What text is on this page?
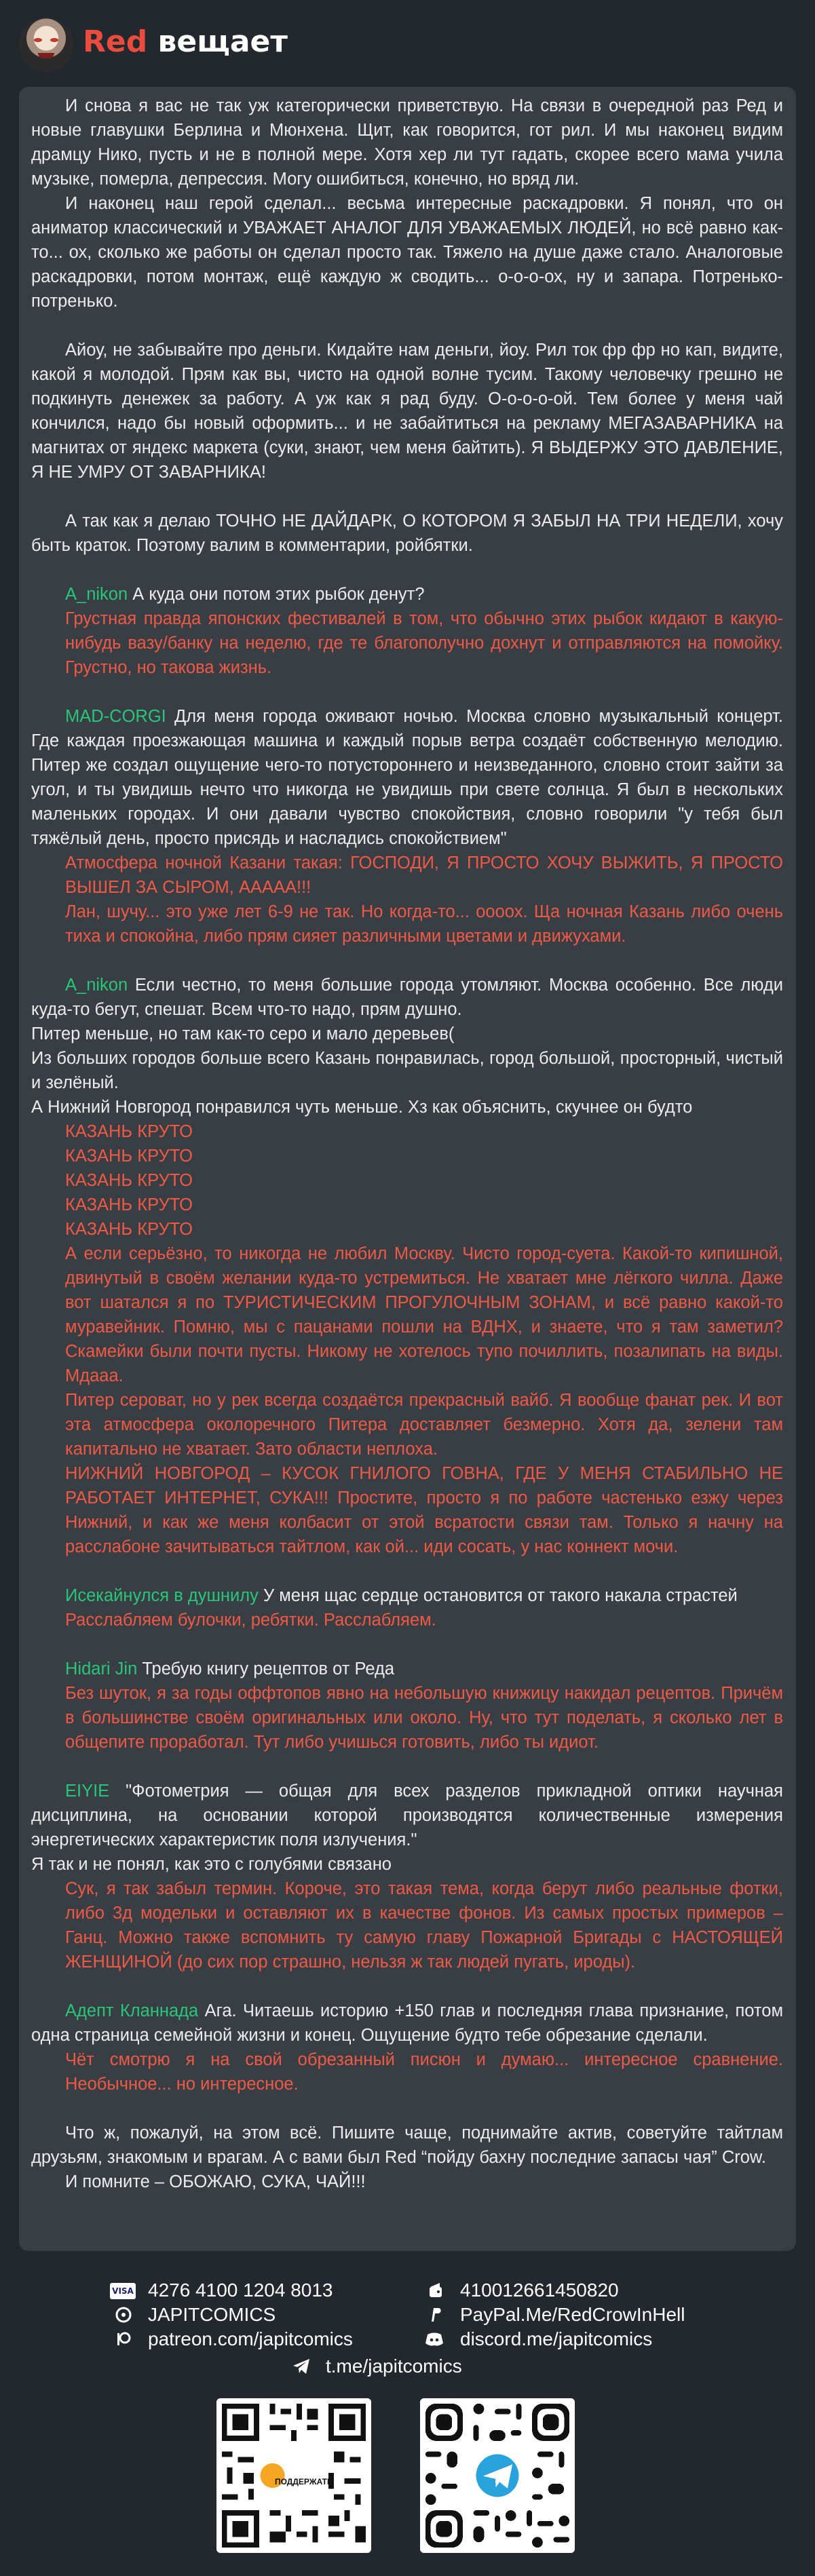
Red вещает
И снова я вас не так уж категорически приветствую. На связи в очередной раз Ред и новые главушки Берлина и Мюнхена. Щит, как говорится, гот рил. И мы наконец видим драмцу Нико, пусть и не в полной мере. Хотя хер ли тут гадать, скорее всего мама учила музыке, померла, депрессия. Могу ошибиться, конечно, но вряд ли.
И наконец наш герой сделал... весьма интересные раскадровки. Я понял, что он аниматор классический и УВАЖАЕТ АНАЛОГ ДЛЯ УВАЖАЕМЫХ ЛЮДЕЙ, но всё равно как-то... ох, сколько же работы он сделал просто так. Тяжело на душе даже стало. Аналоговые раскадровки, потом монтаж, ещё каждую ж сводить... о-о-о-ох, ну и запара. Потренько-потренько.
Айоу, не забывайте про деньги. Кидайте нам деньги, йоу. Рил ток фр фр но кап, видите, какой я молодой. Прям как вы, чисто на одной волне тусим. Такому человечку грешно не подкинуть денежек за работу. А уж как я рад буду. О-о-о-о-ой. Тем более у меня чай кончился, надо бы новый оформить... и не забайтиться на рекламу МЕГАЗАВАРНИКА на магнитах от яндекс маркета (суки, знают, чем меня байтить). Я ВЫДЕРЖУ ЭТО ДАВЛЕНИЕ, Я НЕ УМРУ ОТ ЗАВАРНИКА!
А так как я делаю ТОЧНО НЕ ДАЙДАРК, О КОТОРОМ Я ЗАБЫЛ НА ТРИ НЕДЕЛИ, хочу быть краток. Поэтому валим в комментарии, ройбятки.
A_nikon А куда они потом этих рыбок денут?
Грустная правда японских фестивалей в том, что обычно этих рыбок кидают в какую-нибудь вазу/банку на неделю, где те благополучно дохнут и отправляются на помойку. Грустно, но такова жизнь.
MAD-CORGI Для меня города оживают ночью. Москва словно музыкальный концерт. Где каждая проезжающая машина и каждый порыв ветра создаёт собственную мелодию. Питер же создал ощущение чего-то потустороннего и неизведанного, словно стоит зайти за угол, и ты увидишь нечто что никогда не увидишь при свете солнца. Я был в нескольких маленьких городах. И они давали чувство спокойствия, словно говорили "у тебя был тяжёлый день, просто присядь и насладись спокойствием"
Атмосфера ночной Казани такая: ГОСПОДИ, Я ПРОСТО ХОЧУ ВЫЖИТЬ, Я ПРОСТО ВЫШЕЛ ЗА СЫРОМ, ААААА!!!
Лан, шучу... это уже лет 6-9 не так. Но когда-то... оооох. Ща ночная Казань либо очень тиха и спокойна, либо прям сияет различными цветами и движухами.
A_nikon Если честно, то меня большие города утомляют. Москва особенно. Все люди куда-то бегут, спешат. Всем что-то надо, прям душно.
Питер меньше, но там как-то серо и мало деревьев(
Из больших городов больше всего Казань понравилась, город большой, просторный, чистый и зелёный.
А Нижний Новгород понравился чуть меньше. Хз как объяснить, скучнее он будто
КАЗАНЬ КРУТО
КАЗАНЬ КРУТО
КАЗАНЬ КРУТО
КАЗАНЬ КРУТО
КАЗАНЬ КРУТО
А если серьёзно, то никогда не любил Москву. Чисто город-суета. Какой-то кипишной, двинутый в своём желании куда-то устремиться. Не хватает мне лёгкого чилла. Даже вот шатался я по ТУРИСТИЧЕСКИМ ПРОГУЛОЧНЫМ ЗОНАМ, и всё равно какой-то муравейник. Помню, мы с пацанами пошли на ВДНХ, и знаете, что я там заметил? Скамейки были почти пусты. Никому не хотелось тупо почиллить, позалипать на виды. Мдааа.
Питер сероват, но у рек всегда создаётся прекрасный вайб. Я вообще фанат рек. И вот эта атмосфера околоречного Питера доставляет безмерно. Хотя да, зелени там капитально не хватает. Зато области неплоха.
НИЖНИЙ НОВГОРОД – КУСОК ГНИЛОГО ГОВНА, ГДЕ У МЕНЯ СТАБИЛЬНО НЕ РАБОТАЕТ ИНТЕРНЕТ, СУКА!!! Простите, просто я по работе частенько езжу через Нижний, и как же меня колбасит от этой всратости связи там. Только я начну на расслабоне зачитываться тайтлом, как ой... иди сосать, у нас коннект мочи.
Исекайнулся в душнилу У меня щас сердце остановится от такого накала страстей
Расслабляем булочки, ребятки. Расслабляем.
Hidari Jin Требую книгу рецептов от Реда
Без шуток, я за годы оффтопов явно на небольшую книжицу накидал рецептов. Причём в большинстве своём оригинальных или около. Ну, что тут поделать, я сколько лет в общепите проработал. Тут либо учишься готовить, либо ты идиот.
EIYIE "Фотометрия — общая для всех разделов прикладной оптики научная дисциплина, на основании которой производятся количественные измерения энергетических характеристик поля излучения."
Я так и не понял, как это с голубями связано
Сук, я так забыл термин. Короче, это такая тема, когда берут либо реальные фотки, либо 3д модельки и оставляют их в качестве фонов. Из самых простых примеров – Ганц. Можно также вспомнить ту самую главу Пожарной Бригады с НАСТОЯЩЕЙ ЖЕНЩИНОЙ (до сих пор страшно, нельзя ж так людей пугать, ироды).
Адепт Кланнада Ага. Читаешь историю +150 глав и последняя глава признание, потом одна страница семейной жизни и конец. Ощущение будто тебе обрезание сделали.
Чёт смотрю я на свой обрезанный писюн и думаю... интересное сравнение. Необычное... но интересное.
Что ж, пожалуй, на этом всё. Пишите чаще, поднимайте актив, советуйте тайтлам друзьям, знакомым и врагам. А с вами был Red “пойду бахну последние запасы чая” Crow.
И помните – ОБОЖАЮ, СУКА, ЧАЙ!!!
VISA 4276 4100 1204 8013
JAPITCOMICS
patreon.com/japitcomics
410012661450820
PayPal.Me/RedCrowInHell
discord.me/japitcomics
t.me/japitcomics
ПОДДЕРЖАТЬ
